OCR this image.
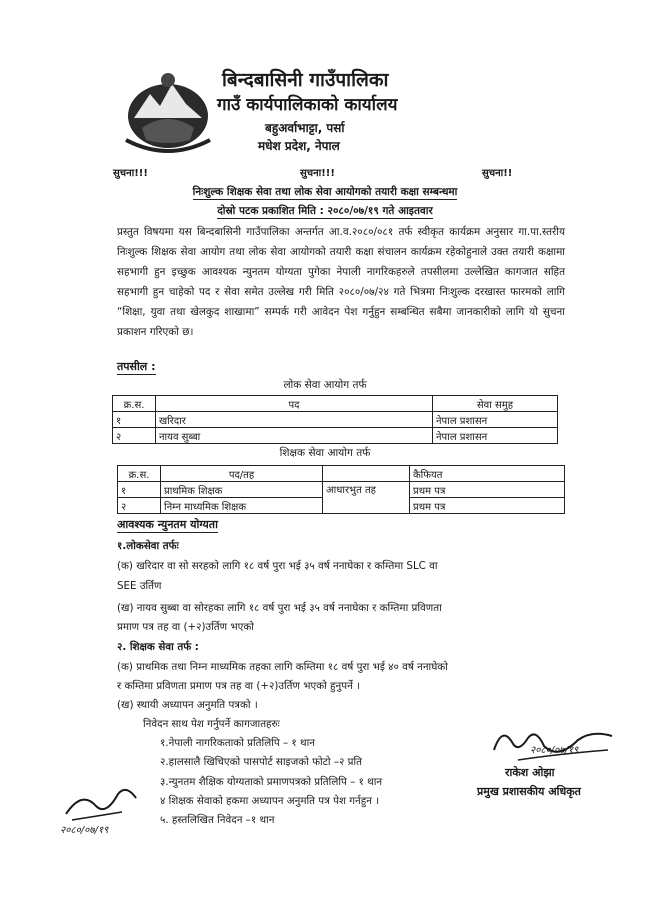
बिन्दबासिनी गाउँपालिका
गाउँ कार्यपालिकाको कार्यालय
बहुअर्वाभाट्टा, पर्सा
मधेश प्रदेश, नेपाल
सुचना!!!	सुचना!!!	सुचना!!
निःशुल्क शिक्षक सेवा तथा लोक सेवा आयोगको तयारी कक्षा सम्बन्धमा
दोस्रो पटक प्रकाशित मिति : २०८०/०७/१९ गते आइतवार
प्रस्तुत विषयमा यस बिन्दबासिनी गाउँपालिका अन्तर्गत आ.व.२०८०/०८१ तर्फ स्वीकृत कार्यक्रम अनुसार गा.पा.स्तरीय निःशुल्क शिक्षक सेवा आयोग तथा लोक सेवा आयोगको तयारी कक्षा संचालन कार्यक्रम रहेकोहुनाले उक्त तयारी कक्षामा सहभागी हुन इच्छुक आवश्यक न्युनतम योग्यता पुगेका नेपाली नागरिकहरुले तपसीलमा उल्लेखित कागजात सहित सहभागी हुन चाहेको पद र सेवा समेत उल्लेख गरी मिति २०८०/०७/२४ गते भित्रमा निःशुल्क दरखास्त फारमको लागि “शिक्षा, युवा तथा खेलकुद शाखामा” सम्पर्क गरी आवेदन पेश गर्नुहुन सम्बन्धित सबैमा जानकारीको लागि यो सुचना प्रकाशन गरिएको छ।
तपसील :
लोक सेवा आयोग तर्फ
क्र.स.	पद	सेवा समुह
१	खरिदार	नेपाल प्रशासन
२	नायव सुब्बा	नेपाल प्रशासन
शिक्षक सेवा आयोग तर्फ
क्र.स.	पद/तह		कैफियत
१	प्राथमिक शिक्षक	आधारभुत तह	प्रथम पत्र
२	निम्न माध्यमिक शिक्षक		प्रथम पत्र
आवश्यक न्युनतम योग्यता
१.लोकसेवा तर्फः
(क) खरिदार वा सो सरहको लागि १८ वर्ष पुरा भई ३५ वर्ष ननाघेका र कम्तिमा SLC वा
SEE उर्तिण
(ख) नायव सुब्बा वा सोरहका लागि १८ वर्ष पुरा भई ३५ वर्ष ननाघेका र कम्तिमा प्रविणता
प्रमाण पत्र तह वा (+२)उर्तिण भएको
२. शिक्षक सेवा तर्फ :
(क) प्राथमिक तथा निम्न माध्यमिक तहका लागि कम्तिमा १८ वर्ष पुरा भई ४० वर्ष ननाघेको
र कम्तिमा प्रविणता प्रमाण पत्र तह वा (+२)उर्तिण भएको हुनुपर्ने ।
(ख) स्थायी अध्यापन अनुमति पत्रको ।
निवेदन साथ पेश गर्नुपर्ने कागजातहरुः
१.नेपाली नागरिकताको प्रतिलिपि – १ थान
२.हालसालै खिचिएको पासपोर्ट साइजको फोटो –२ प्रति
३.न्युनतम शैक्षिक योग्यताको प्रमाणपत्रको प्रतिलिपि – १ थान
४ शिक्षक सेवाको हकमा अध्यापन अनुमति पत्र पेश गर्नहुन ।
५. हस्तलिखित निवेदन –१ थान
२०८०/०७/१९
राकेश ओझा
प्रमुख प्रशासकीय अधिकृत
२०८०/०७/१९
